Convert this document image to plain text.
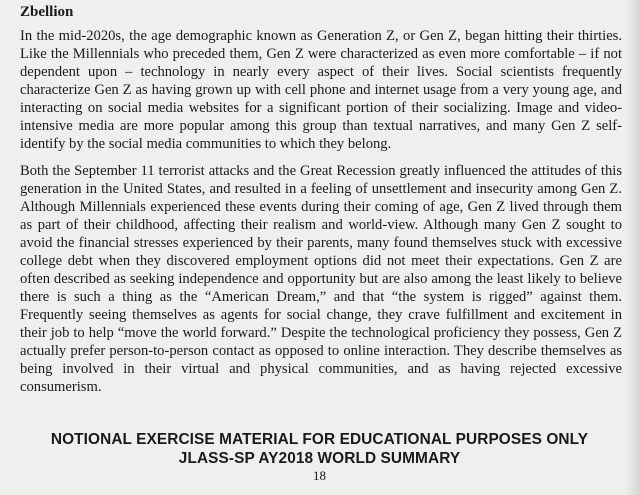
Zbellion

In the mid-2020s, the age demographic known as Generation Z, or Gen Z, began hitting their thirties. Like the Millennials who preceded them, Gen Z were characterized as even more comfortable – if not dependent upon – technology in nearly every aspect of their lives. Social scientists frequently characterize Gen Z as having grown up with cell phone and internet usage from a very young age, and interacting on social media websites for a significant portion of their socializing. Image and video-intensive media are more popular among this group than textual narratives, and many Gen Z self-identify by the social media communities to which they belong.

Both the September 11 terrorist attacks and the Great Recession greatly influenced the attitudes of this generation in the United States, and resulted in a feeling of unsettlement and insecurity among Gen Z. Although Millennials experienced these events during their coming of age, Gen Z lived through them as part of their childhood, affecting their realism and world-view. Although many Gen Z sought to avoid the financial stresses experienced by their parents, many found themselves stuck with excessive college debt when they discovered employment options did not meet their expectations. Gen Z are often described as seeking independence and opportunity but are also among the least likely to believe there is such a thing as the “American Dream,” and that “the system is rigged” against them. Frequently seeing themselves as agents for social change, they crave fulfillment and excitement in their job to help “move the world forward.” Despite the technological proficiency they possess, Gen Z actually prefer person-to-person contact as opposed to online interaction. They describe themselves as being involved in their virtual and physical communities, and as having rejected excessive consumerism.

NOTIONAL EXERCISE MATERIAL FOR EDUCATIONAL PURPOSES ONLY
JLASS-SP AY2018 WORLD SUMMARY
18
